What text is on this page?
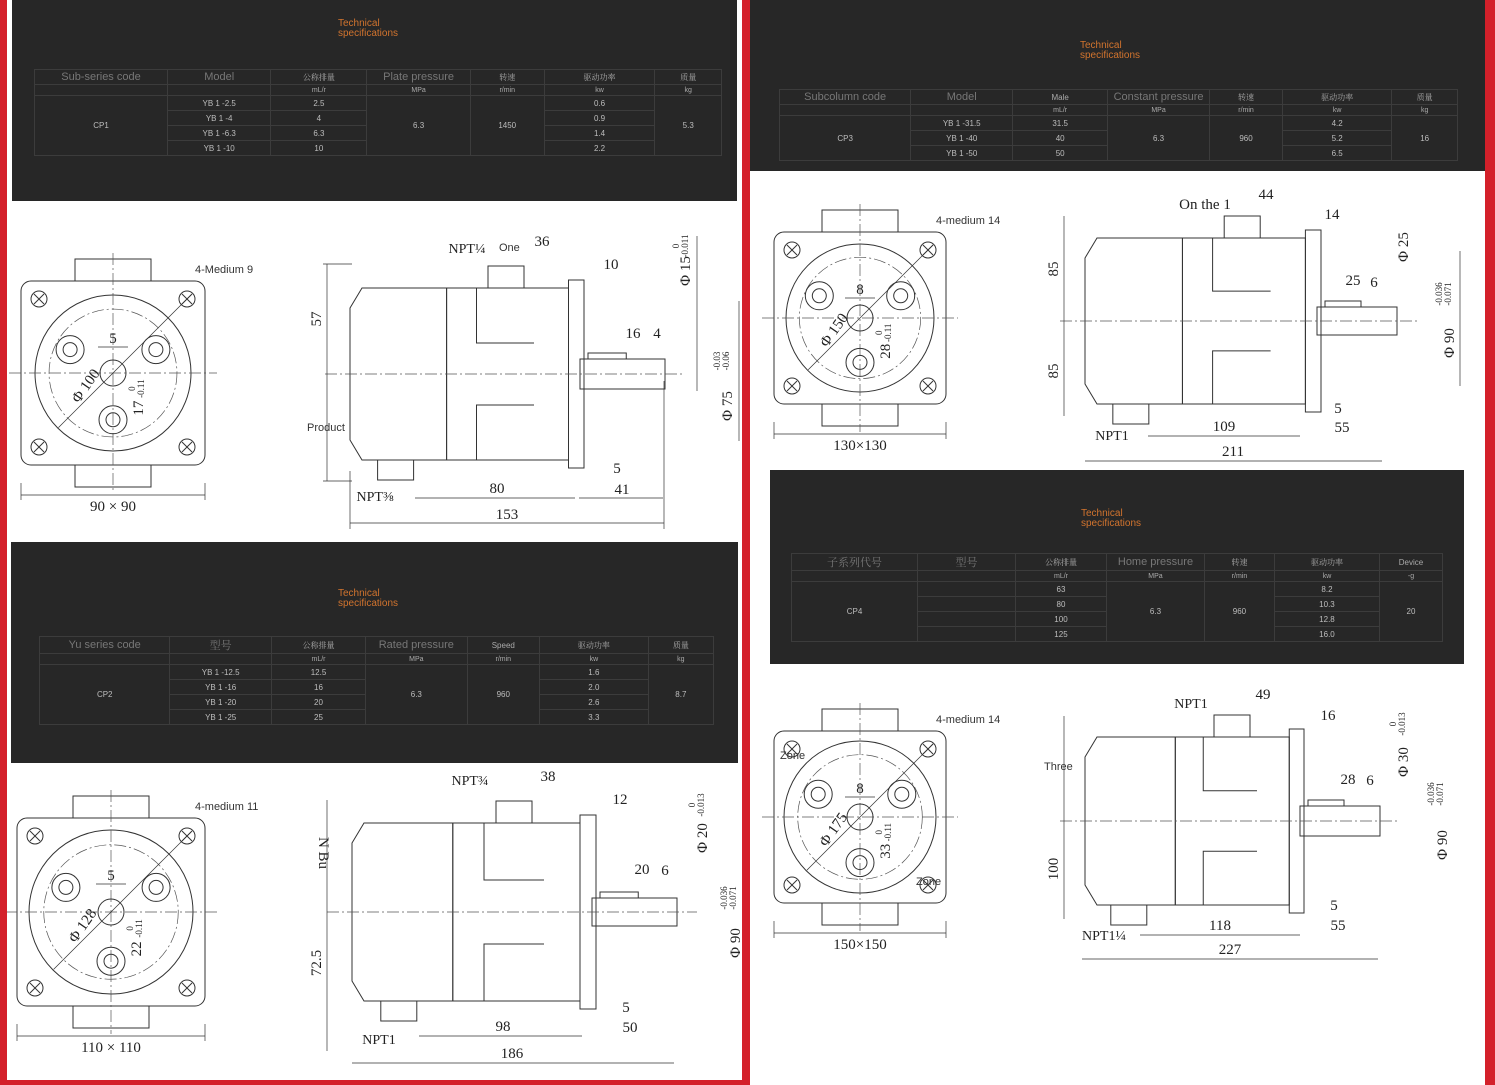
Technical
specifications
Sub-series code	Model	公称排量	Plate pressure	转速	驱动功率	质量
		mL/r	MPa	r/min	kw	kg
CP1	YB 1 -2.5	2.5	6.3	1450	0.6	5.3
	YB 1 -4	4			0.9	
	YB 1 -6.3	6.3			1.4	
	YB 1 -10	10			2.2	
Φ 100
4-Medium 9
5
17
0 -0.11
90 × 90
Product
NPT¼ One 36
10
57
16 4
Φ 15
0 -0.011
Φ 75
-0.03 -0.06
NPT⅜
80
5
41
153
Technical
specifications
Yu series code	型号	公称排量	Rated pressure	Speed	驱动功率	质量
		mL/r	MPa	r/min	kw	kg
CP2	YB 1 -12.5	12.5	6.3	960	1.6	8.7
	YB 1 -16	16			2.0	
	YB 1 -20	20			2.6	
	YB 1 -25	25			3.3	
Φ 128
4-medium 11
5
22
0 -0.11
110 × 110
NPT¾	38
12
N Bu
72.5
20 6
Φ 20
0 -0.013
Φ 90
-0.036 -0.071
NPT1
98
5
50
186
Technical
specifications
Subcolumn code	Model	Male	Constant pressure	转速	驱动功率	质量
		mL/r	MPa	r/min	kw	kg
CP3	YB 1 -31.5	31.5	6.3	960	4.2	16
	YB 1 -40	40			5.2	
	YB 1 -50	50			6.5	
Φ 150
4-medium 14
8
28
0 -0.11
130×130
On the 1
44
14
85
85
25 6
Φ 25
Φ 90
-0.036 -0.071
NPT1
109
5
55
211
Technical
specifications
子系列代号	型号	公称排量	Home pressure	转速	驱动功率	Device
		mL/r	MPa	r/min	kw	-g
CP4		63	6.3	960	8.2	20
		80			10.3	
		100			12.8	
		125			16.0	
Φ 175
4-medium 14
8
33
0 -0.11
150×150
Zone
Zone
NPT1
49
16
Three
100
28 6
Φ 30
0 -0.013
Φ 90
-0.036 -0.071
NPT1¼
118
5
55
227
